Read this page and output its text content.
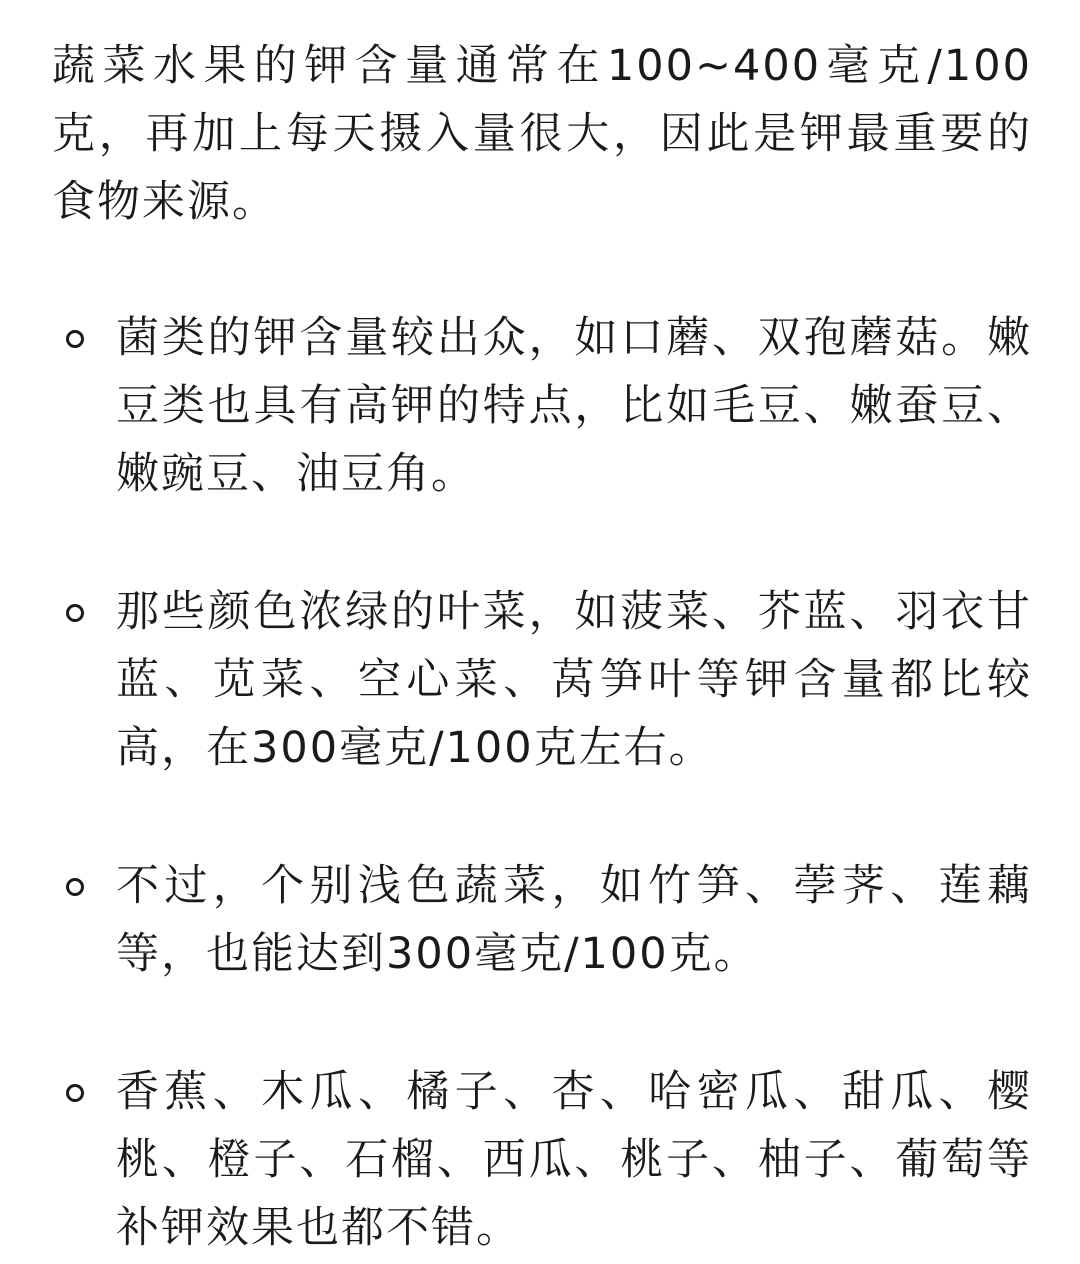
蔬菜水果的钾含量通常在100~400毫克/100克，再加上每天摄入量很大，因此是钾最重要的食物来源。

菌类的钾含量较出众，如口蘑、双孢蘑菇。嫩豆类也具有高钾的特点，比如毛豆、嫩蚕豆、嫩豌豆、油豆角。
那些颜色浓绿的叶菜，如菠菜、芥蓝、羽衣甘蓝、苋菜、空心菜、莴笋叶等钾含量都比较高，在300毫克/100克左右。
不过，个别浅色蔬菜，如竹笋、荸荠、莲藕等，也能达到300毫克/100克。
香蕉、木瓜、橘子、杏、哈密瓜、甜瓜、樱桃、橙子、石榴、西瓜、桃子、柚子、葡萄等补钾效果也都不错。
